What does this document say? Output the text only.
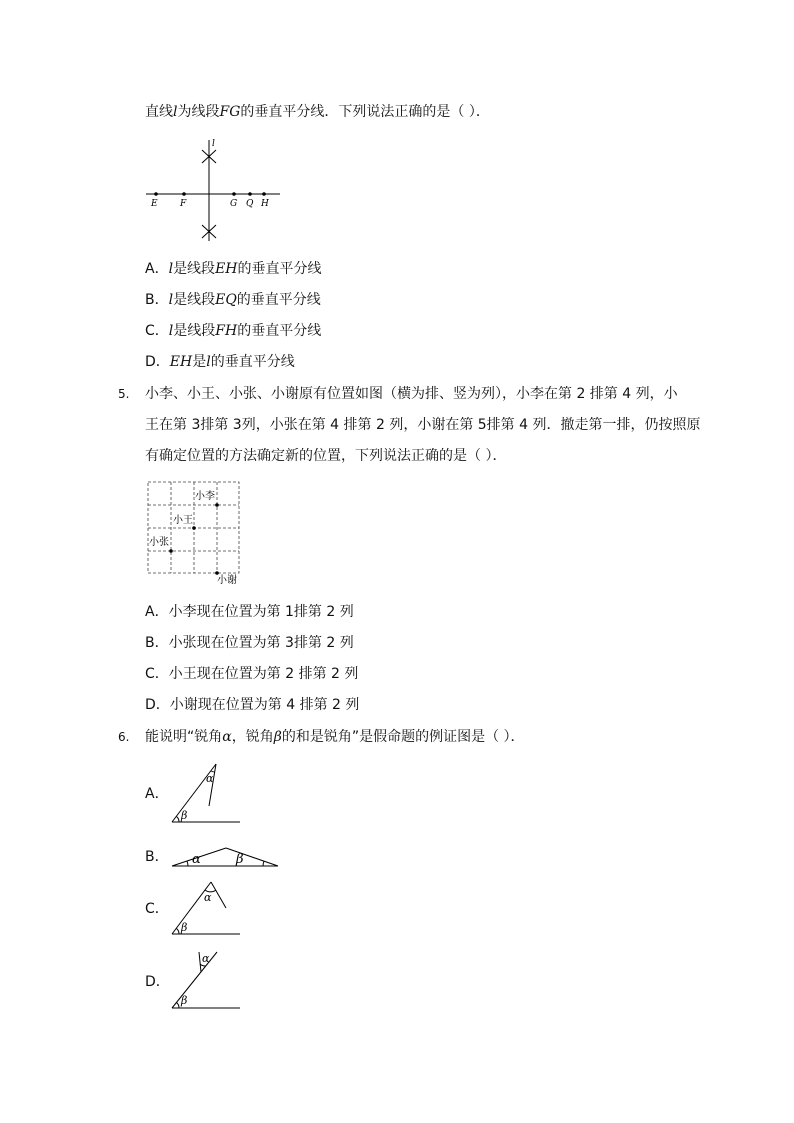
直线l为线段FG的垂直平分线．下列说法正确的是（ ）．
l
E F	G Q H
A．l是线段EH的垂直平分线
B．l是线段EQ的垂直平分线
C．l是线段FH的垂直平分线
D．EH是l的垂直平分线
5. 小李、小王、小张、小谢原有位置如图（横为排、竖为列），小李在第 2 排第 4 列，小
王在第 3排第 3列，小张在第 4 排第 2 列，小谢在第 5排第 4 列．撤走第一排，仍按照原
有确定位置的方法确定新的位置，下列说法正确的是（ ）．
小李
小王
小张
小谢
A．小李现在位置为第 1排第 2 列
B．小张现在位置为第 3排第 2 列
C．小王现在位置为第 2 排第 2 列
D．小谢现在位置为第 4 排第 2 列
6. 能说明“锐角α，锐角β的和是锐角”是假命题的例证图是（ ）．
A．
α
β
B． α	β
C．
α
β
D．
α
β
